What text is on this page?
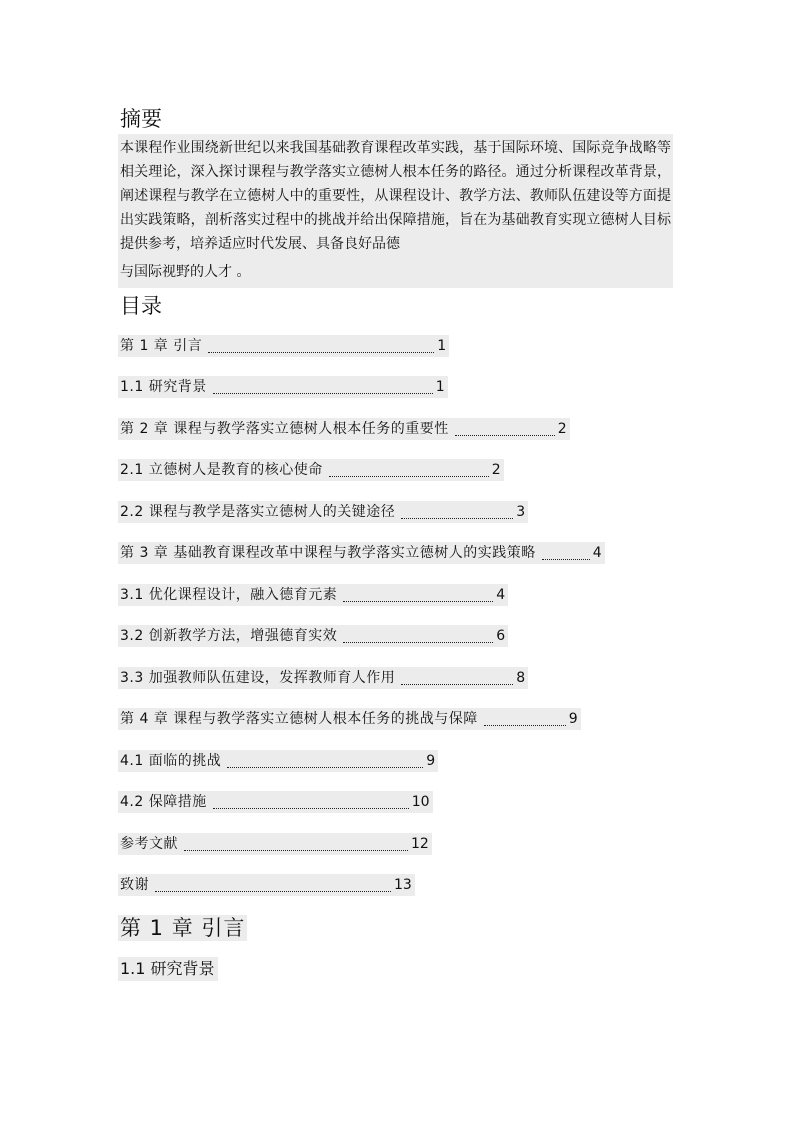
摘要
本课程作业围绕新世纪以来我国基础教育课程改革实践，基于国际环境、国际竞争战略等相关理论，深入探讨课程与教学落实立德树人根本任务的路径。通过分析课程改革背景，阐述课程与教学在立德树人中的重要性，从课程设计、教学方法、教师队伍建设等方面提出实践策略，剖析落实过程中的挑战并给出保障措施，旨在为基础教育实现立德树人目标提供参考，培养适应时代发展、具备良好品德
与国际视野的人才 。
目录
第 1 章 引言	1
1.1 研究背景	1
第 2 章 课程与教学落实立德树人根本任务的重要性	2
2.1 立德树人是教育的核心使命	2
2.2 课程与教学是落实立德树人的关键途径	3
第 3 章 基础教育课程改革中课程与教学落实立德树人的实践策略	4
3.1 优化课程设计，融入德育元素	4
3.2 创新教学方法，增强德育实效	6
3.3 加强教师队伍建设，发挥教师育人作用	8
第 4 章 课程与教学落实立德树人根本任务的挑战与保障	9
4.1 面临的挑战	9
4.2 保障措施	10
参考文献	12
致谢	13
第 1 章 引言
1.1 研究背景
